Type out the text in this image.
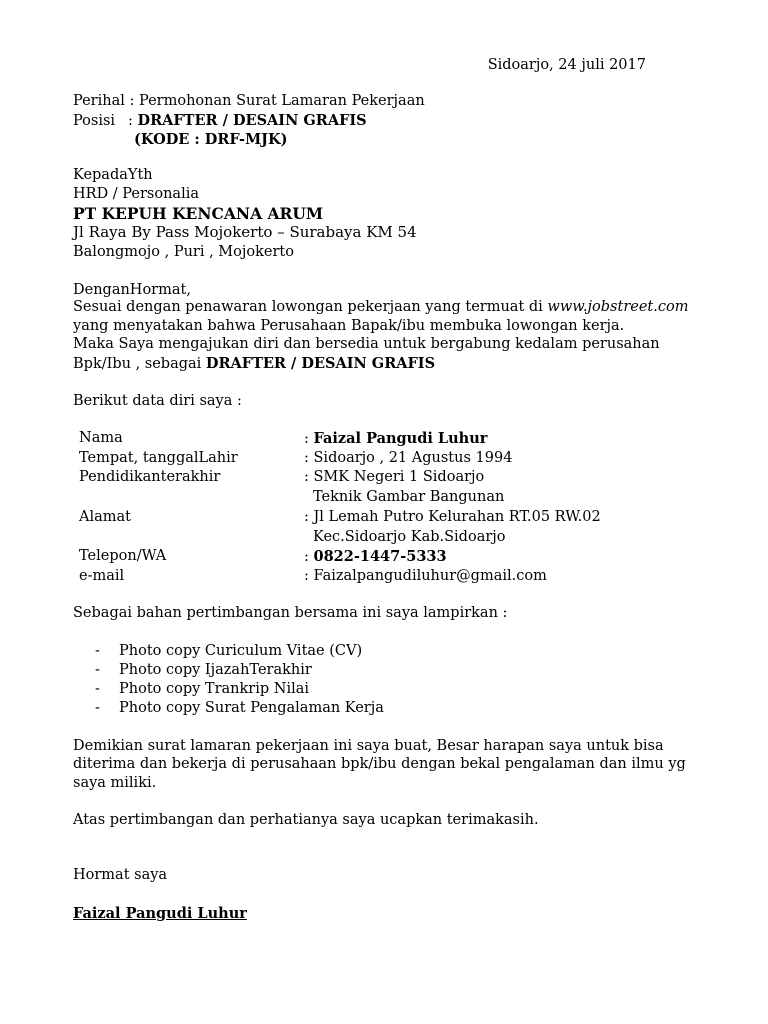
Sidoarjo, 24 juli 2017
Perihal : Permohonan Surat Lamaran Pekerjaan
Posisi : DRAFTER / DESAIN GRAFIS
(KODE : DRF-MJK)
KepadaYth
HRD / Personalia
PT KEPUH KENCANA ARUM
Jl Raya By Pass Mojokerto – Surabaya KM 54
Balongmojo , Puri , Mojokerto
DenganHormat,
Sesuai dengan penawaran lowongan pekerjaan yang termuat di www.jobstreet.com
yang menyatakan bahwa Perusahaan Bapak/ibu membuka lowongan kerja.
Maka Saya mengajukan diri dan bersedia untuk bergabung kedalam perusahan
Bpk/Ibu , sebagai DRAFTER / DESAIN GRAFIS
Berikut data diri saya :
Nama	: Faizal Pangudi Luhur
Tempat, tanggalLahir	: Sidoarjo , 21 Agustus 1994
Pendidikanterakhir	: SMK Negeri 1 Sidoarjo
Teknik Gambar Bangunan
Alamat	: Jl Lemah Putro Kelurahan RT.05 RW.02
Kec.Sidoarjo Kab.Sidoarjo
Telepon/WA	: 0822-1447-5333
e-mail	: Faizalpangudiluhur@gmail.com
Sebagai bahan pertimbangan bersama ini saya lampirkan :
- Photo copy Curiculum Vitae (CV)
- Photo copy IjazahTerakhir
- Photo copy Trankrip Nilai
- Photo copy Surat Pengalaman Kerja
Demikian surat lamaran pekerjaan ini saya buat, Besar harapan saya untuk bisa
diterima dan bekerja di perusahaan bpk/ibu dengan bekal pengalaman dan ilmu yg
saya miliki.
Atas pertimbangan dan perhatianya saya ucapkan terimakasih.
Hormat saya
Faizal Pangudi Luhur
